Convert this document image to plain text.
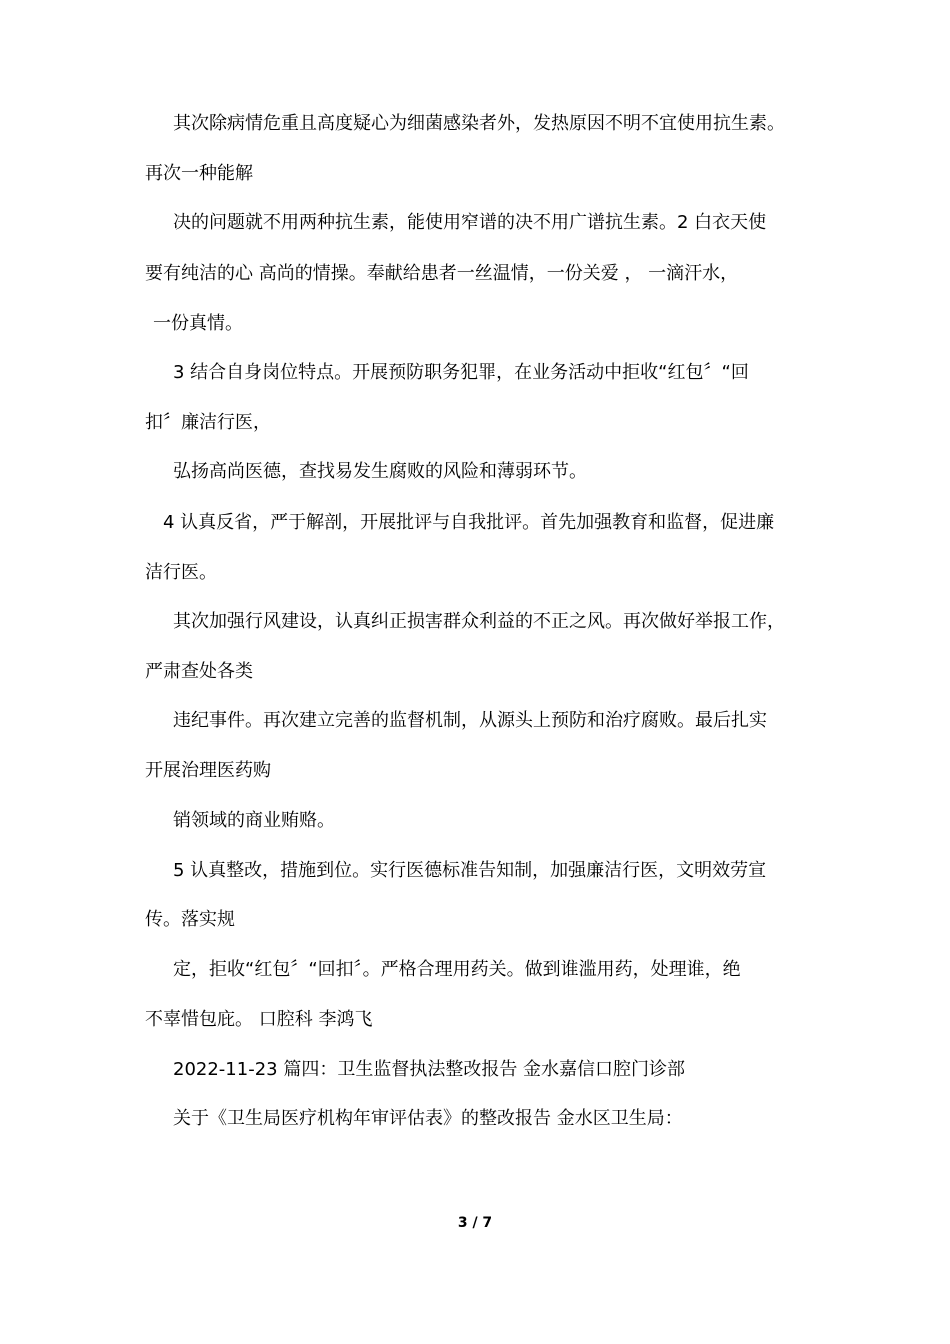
其次除病情危重且高度疑心为细菌感染者外，发热原因不明不宜使用抗生素。
再次一种能解
决的问题就不用两种抗生素，能使用窄谱的决不用广谱抗生素。2 白衣天使
要有纯洁的心 高尚的情操。奉献给患者一丝温情，一份关爱 ， 一滴汗水，
一份真情。
3 结合自身岗位特点。开展预防职务犯罪，在业务活动中拒收“红包〞“回
扣〞廉洁行医，
弘扬高尚医德，查找易发生腐败的风险和薄弱环节。
4 认真反省，严于解剖，开展批评与自我批评。首先加强教育和监督，促进廉
洁行医。
其次加强行风建设，认真纠正损害群众利益的不正之风。再次做好举报工作，
严肃查处各类
违纪事件。再次建立完善的监督机制，从源头上预防和治疗腐败。最后扎实
开展治理医药购
销领域的商业贿赂。
5 认真整改，措施到位。实行医德标准告知制，加强廉洁行医，文明效劳宣
传。落实规
定，拒收“红包〞“回扣〞。严格合理用药关。做到谁滥用药，处理谁，绝
不辜惜包庇。 口腔科 李鸿飞
2022-11-23 篇四：卫生监督执法整改报告 金水嘉信口腔门诊部
关于《卫生局医疗机构年审评估表》的整改报告 金水区卫生局：
3 / 7
